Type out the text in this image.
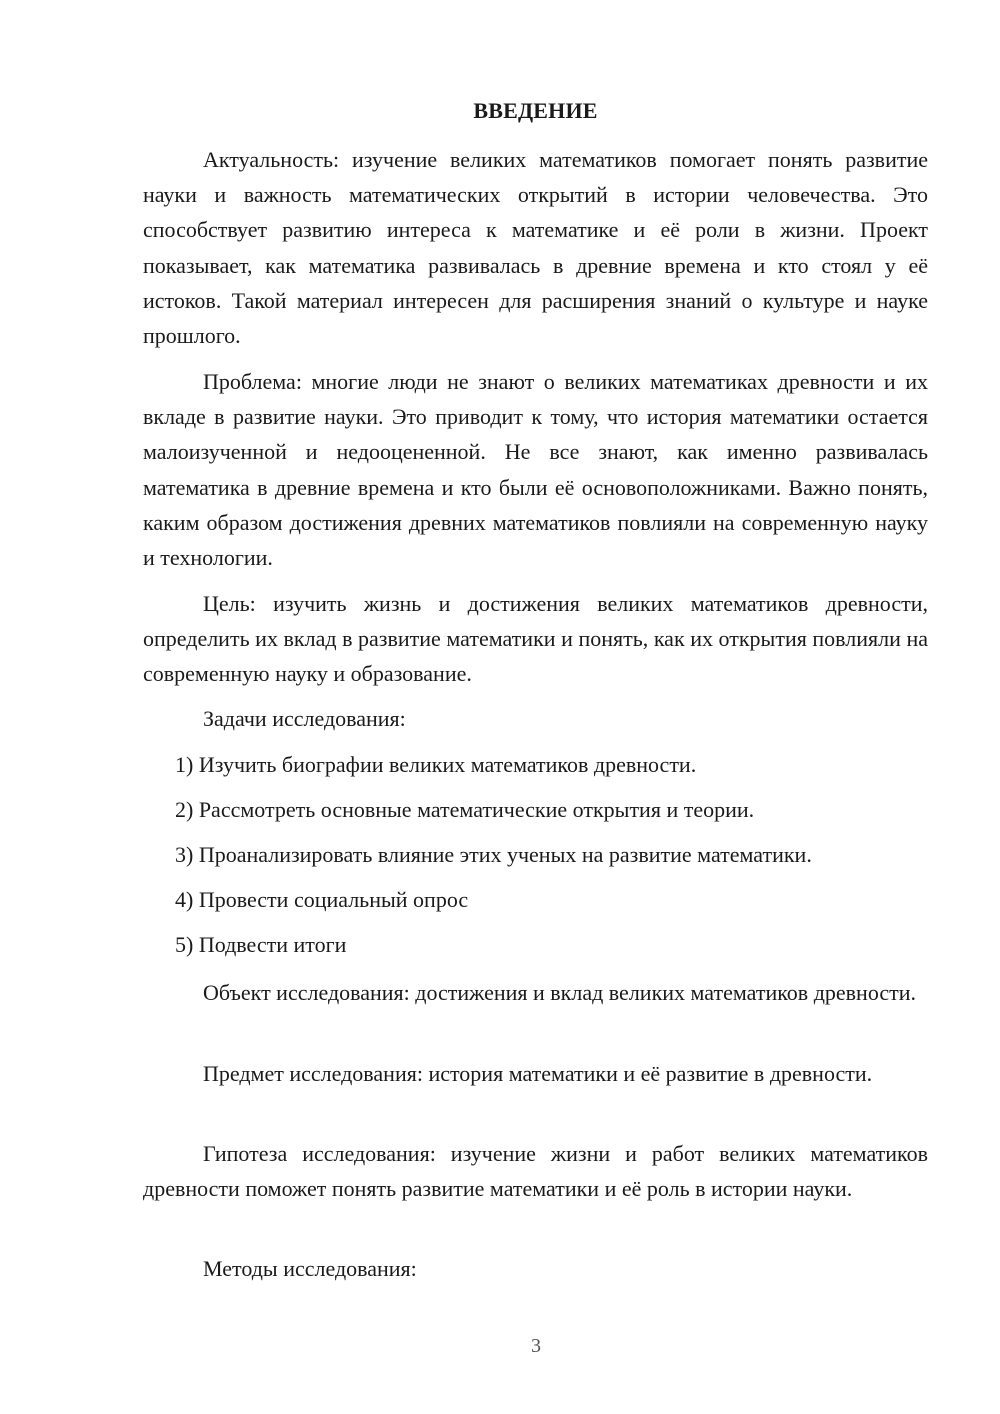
ВВЕДЕНИЕ

Актуальность: изучение великих математиков помогает понять развитие науки и важность математических открытий в истории человечества. Это способствует развитию интереса к математике и её роли в жизни. Проект показывает, как математика развивалась в древние времена и кто стоял у её истоков. Такой материал интересен для расширения знаний о культуре и науке прошлого.

Проблема: многие люди не знают о великих математиках древности и их вкладе в развитие науки. Это приводит к тому, что история математики остается малоизученной и недооцененной. Не все знают, как именно развивалась математика в древние времена и кто были её основоположниками. Важно понять, каким образом достижения древних математиков повлияли на современную науку и технологии.

Цель: изучить жизнь и достижения великих математиков древности, определить их вклад в развитие математики и понять, как их открытия повлияли на современную науку и образование.

Задачи исследования:

1) Изучить биографии великих математиков древности.

2) Рассмотреть основные математические открытия и теории.

3) Проанализировать влияние этих ученых на развитие математики.

4) Провести социальный опрос

5) Подвести итоги

Объект исследования: достижения и вклад великих математиков древности.

Предмет исследования: история математики и её развитие в древности.

Гипотеза исследования: изучение жизни и работ великих математиков древности поможет понять развитие математики и её роль в истории науки.

Методы исследования:

3
